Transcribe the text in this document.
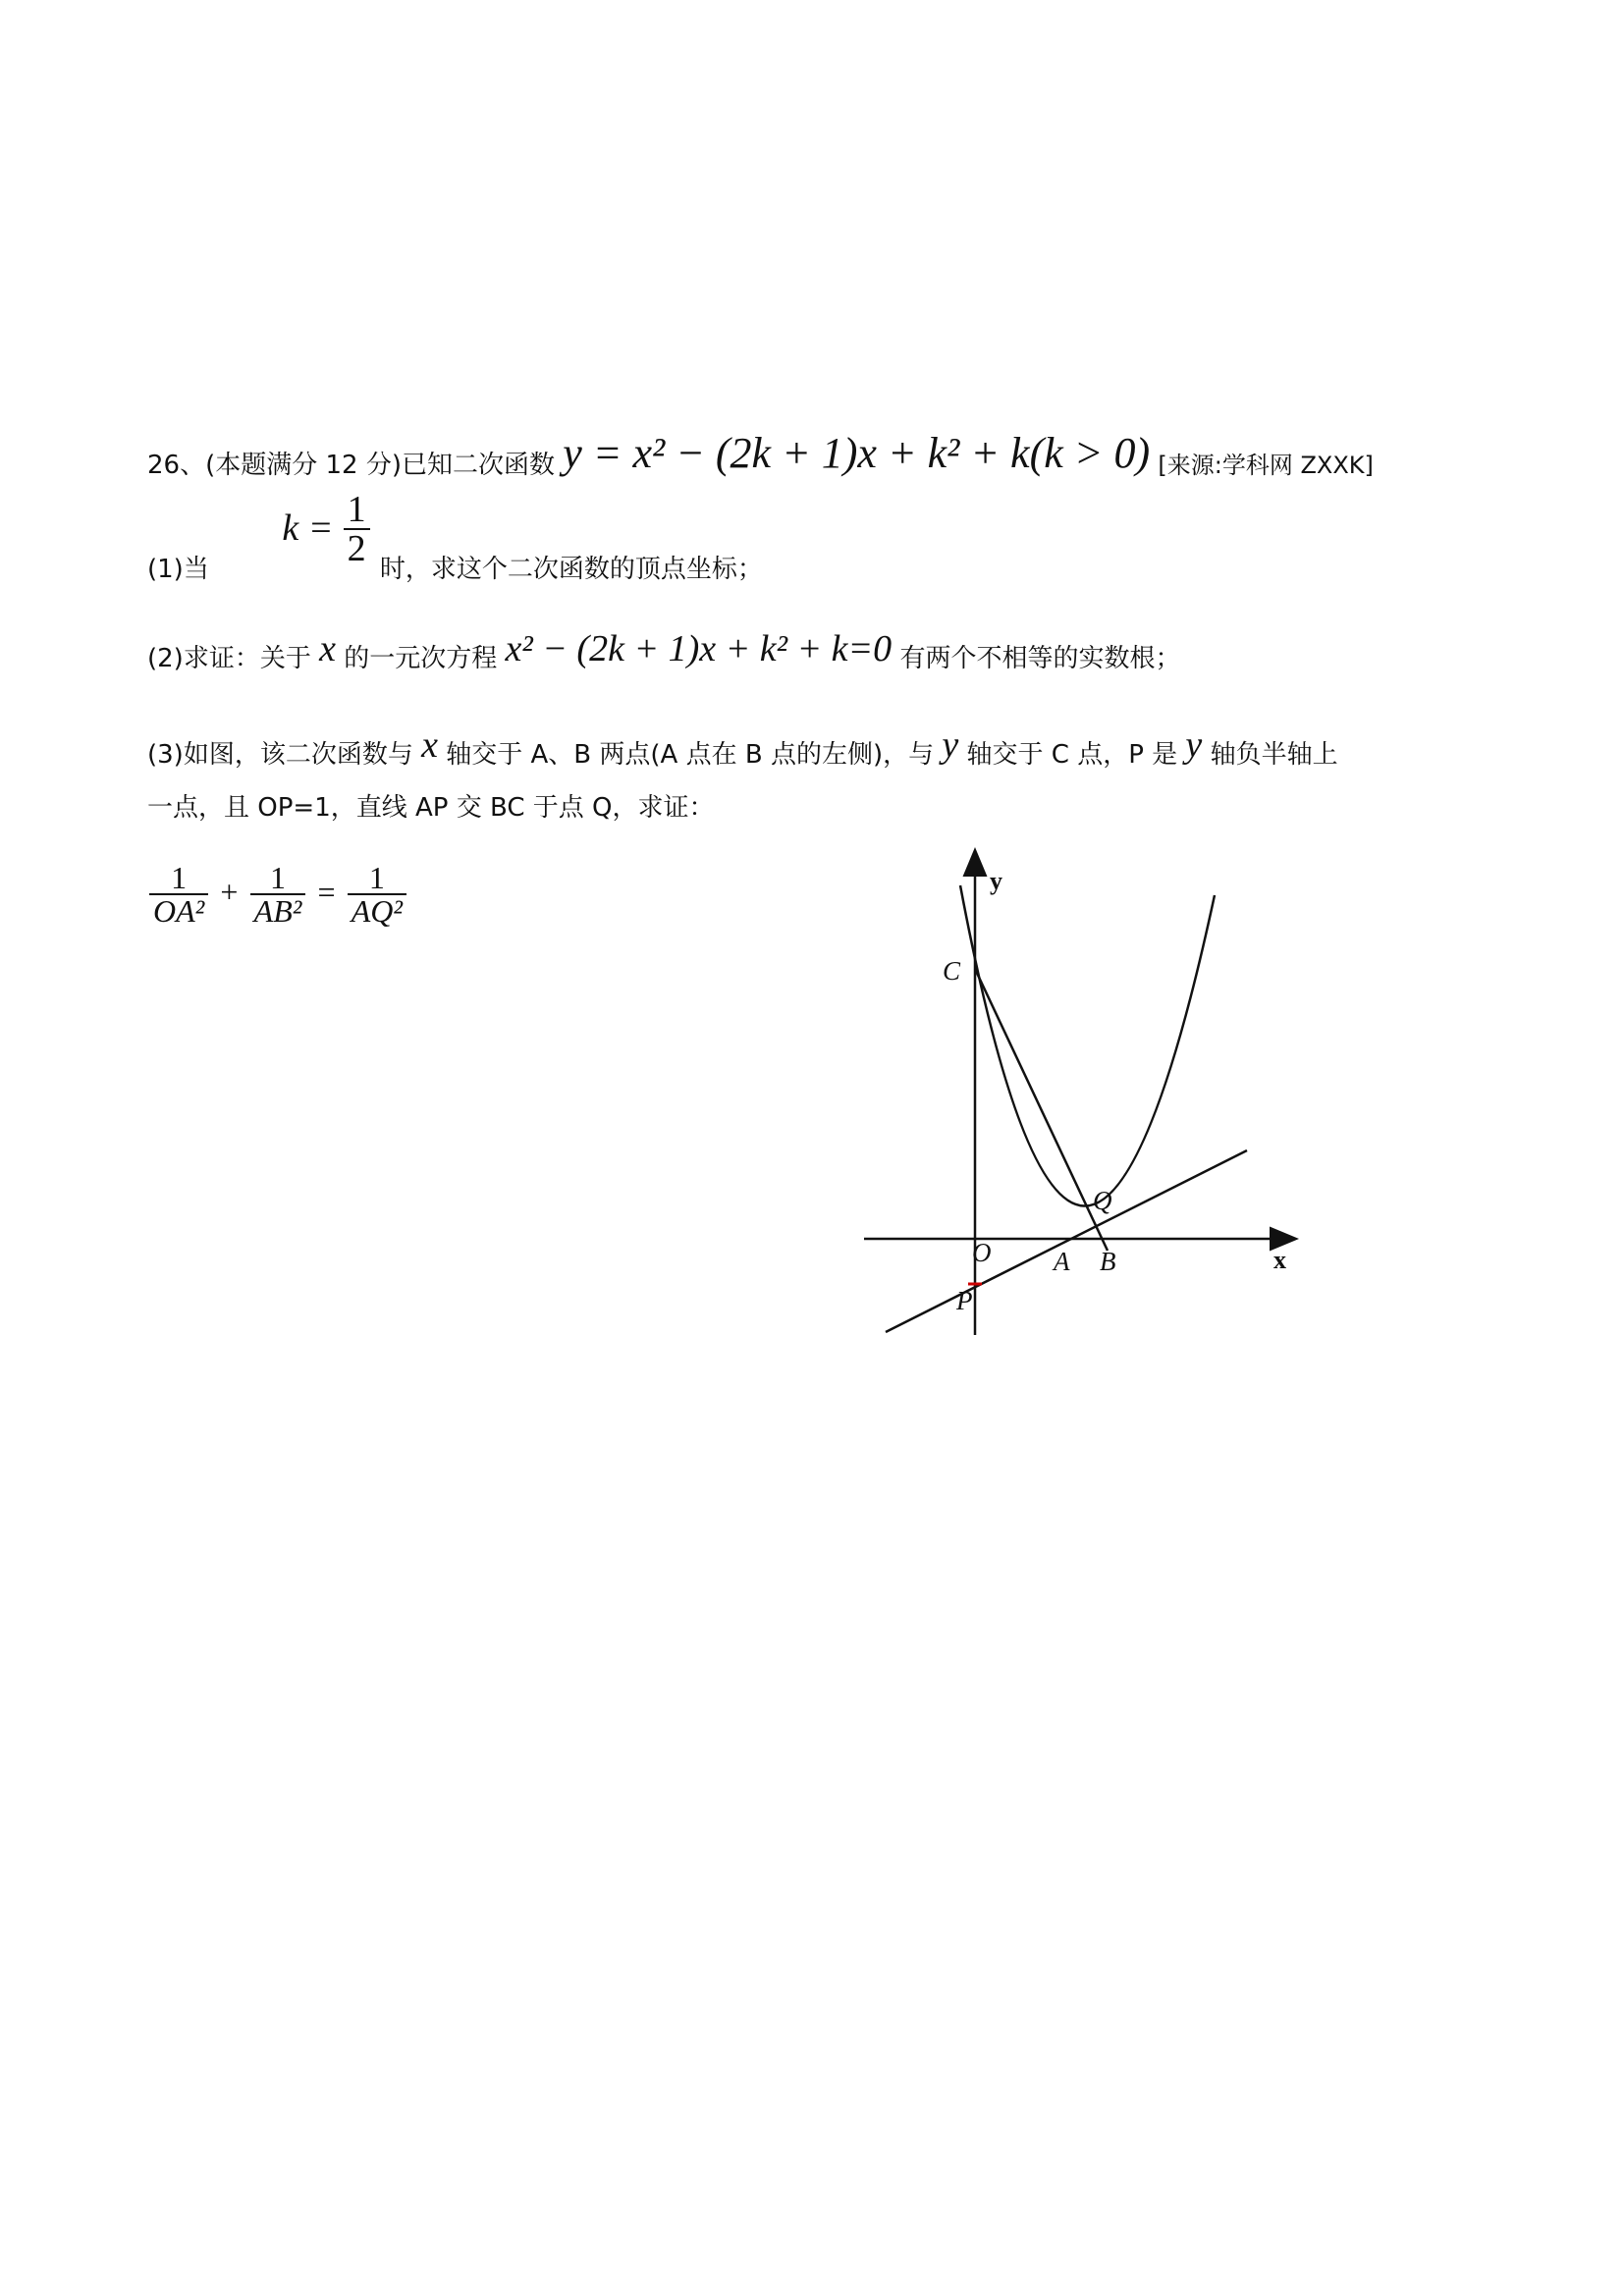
26、(本题满分 12 分)已知二次函数 y = x² − (2k + 1)x + k² + k(k > 0) [来源:学科网 ZXXK]
(1)当  $k = \frac{1}{2}$
时，求这个二次函数的顶点坐标；
(2)求证：关于 x 的一元次方程 x² − (2k + 1)x + k² + k=0 有两个不相等的实数根；
(3)如图，该二次函数与 x 轴交于 A、B 两点(A 点在 B 点的左侧)，与 y 轴交于 C 点，P 是 y 轴负半轴上
一点，且 OP=1，直线 AP 交 BC 于点 Q，求证：
$\frac{1}{\text{OA²}} + \frac{1}{\text{AB²}} = \frac{1}{\text{AQ²}}$	y
x
C
Q
O A B
P
